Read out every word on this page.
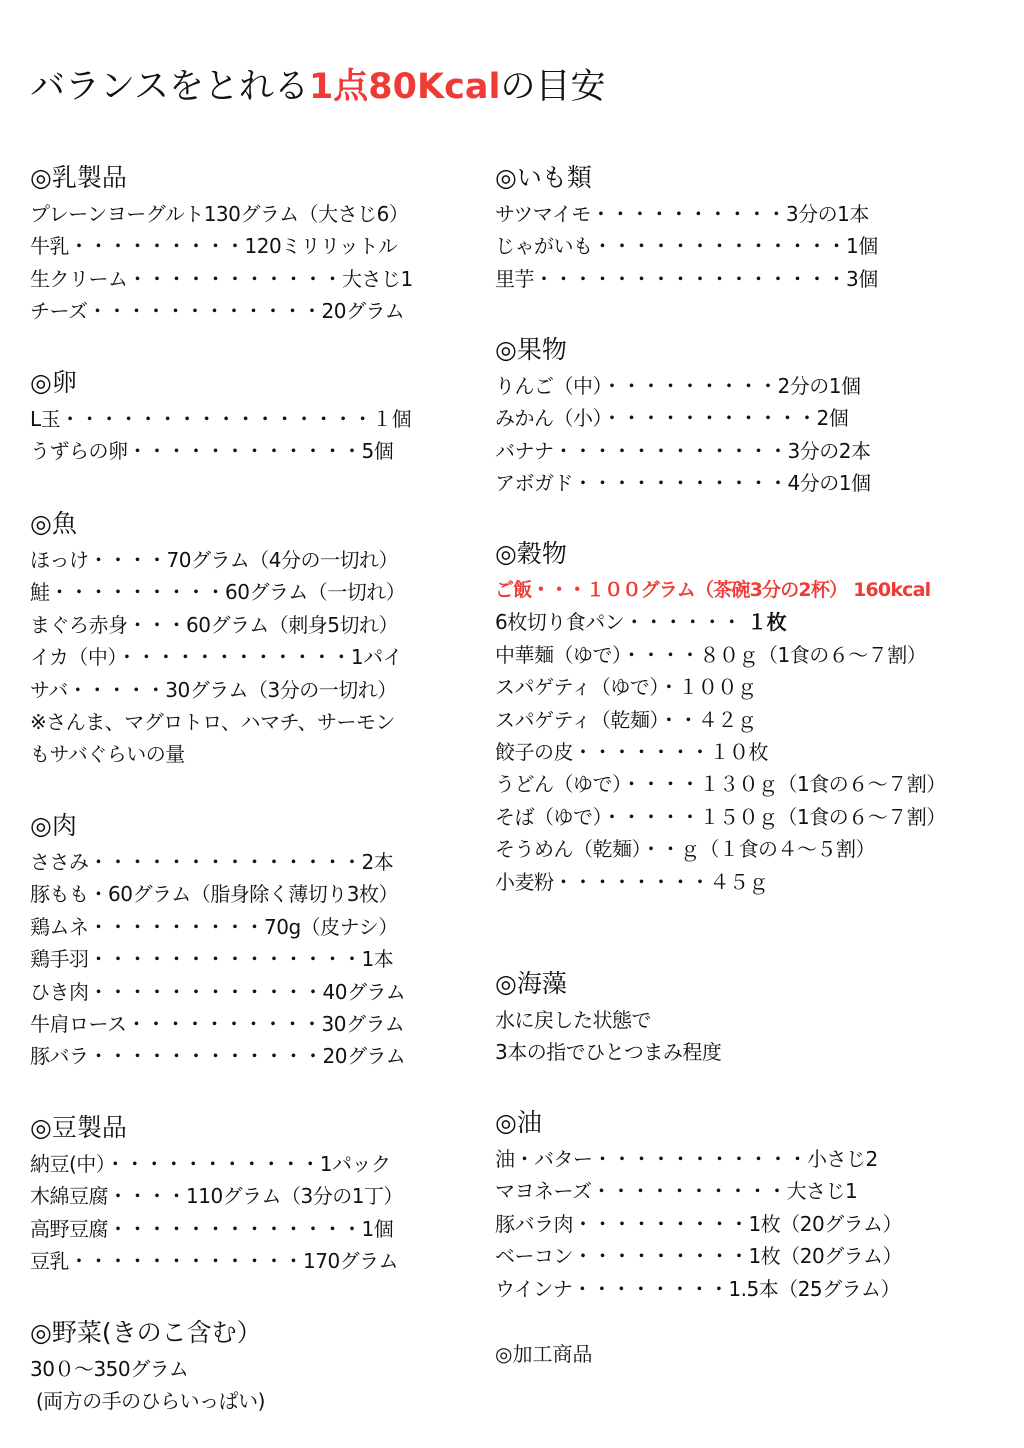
バランスをとれる1点80Kcalの目安
◎乳製品
プレーンヨーグルト130グラム（大さじ6）
牛乳・・・・・・・・・120ミリリットル
生クリーム・・・・・・・・・・・大さじ1
チーズ・・・・・・・・・・・・20グラム
◎卵
L玉・・・・・・・・・・・・・・・・１個
うずらの卵・・・・・・・・・・・・5個
◎魚
ほっけ・・・・70グラム（4分の一切れ）
鮭・・・・・・・・・60グラム（一切れ）
まぐろ赤身・・・60グラム（刺身5切れ）
イカ（中）・・・・・・・・・・・・1パイ
サバ・・・・・30グラム（3分の一切れ）
※さんま、マグロトロ、ハマチ、サーモン
もサバぐらいの量
◎肉
ささみ・・・・・・・・・・・・・・2本
豚もも・60グラム（脂身除く薄切り3枚）
鶏ムネ・・・・・・・・・70g（皮ナシ）
鶏手羽・・・・・・・・・・・・・・1本
ひき肉・・・・・・・・・・・・40グラム
牛肩ロース・・・・・・・・・・30グラム
豚バラ・・・・・・・・・・・・20グラム
◎豆製品
納豆(中）・・・・・・・・・・・1パック
木綿豆腐・・・・110グラム（3分の1丁）
高野豆腐・・・・・・・・・・・・・1個
豆乳・・・・・・・・・・・・170グラム
◎野菜(きのこ含む）
30０～350グラム
(両方の手のひらいっぱい)
◎いも類
サツマイモ・・・・・・・・・・3分の1本
じゃがいも・・・・・・・・・・・・・1個
里芋・・・・・・・・・・・・・・・・3個
◎果物
りんご（中）・・・・・・・・・2分の1個
みかん（小）・・・・・・・・・・・2個
バナナ・・・・・・・・・・・・3分の2本
アボガド・・・・・・・・・・・4分の1個
◎穀物
ご飯・・・１００グラム（茶碗3分の2杯） 160kcal
6枚切り食パン・・・・・・ １枚
中華麺（ゆで）・・・・８０ｇ（1食の６～７割）
スパゲティ（ゆで）・１００ｇ
スパゲティ（乾麺）・・４２ｇ
餃子の皮・・・・・・・１０枚
うどん（ゆで）・・・・１３０ｇ（1食の６～７割）
そば（ゆで）・・・・・１５０ｇ（1食の６～７割）
そうめん（乾麺）・・ｇ（１食の４～５割）
小麦粉・・・・・・・・４５ｇ
◎海藻
水に戻した状態で
3本の指でひとつまみ程度
◎油
油・バター・・・・・・・・・・・小さじ2
マヨネーズ・・・・・・・・・・大さじ1
豚バラ肉・・・・・・・・・1枚（20グラム）
ベーコン・・・・・・・・・1枚（20グラム）
ウインナ・・・・・・・・1.5本（25グラム）
◎加工商品
